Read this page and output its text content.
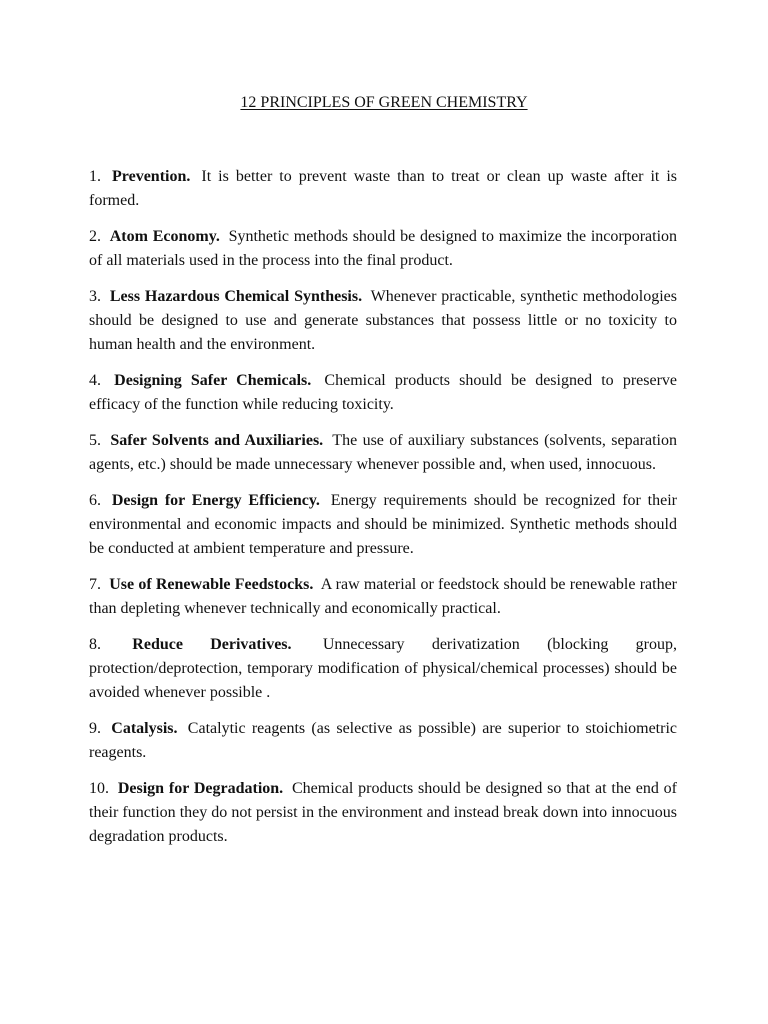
12 PRINCIPLES OF GREEN CHEMISTRY
1. Prevention. It is better to prevent waste than to treat or clean up waste after it is formed.
2. Atom Economy. Synthetic methods should be designed to maximize the incorporation of all materials used in the process into the final product.
3. Less Hazardous Chemical Synthesis. Whenever practicable, synthetic methodologies should be designed to use and generate substances that possess little or no toxicity to human health and the environment.
4. Designing Safer Chemicals. Chemical products should be designed to preserve efficacy of the function while reducing toxicity.
5. Safer Solvents and Auxiliaries. The use of auxiliary substances (solvents, separation agents, etc.) should be made unnecessary whenever possible and, when used, innocuous.
6. Design for Energy Efficiency. Energy requirements should be recognized for their environmental and economic impacts and should be minimized. Synthetic methods should be conducted at ambient temperature and pressure.
7. Use of Renewable Feedstocks. A raw material or feedstock should be renewable rather than depleting whenever technically and economically practical.
8. Reduce Derivatives. Unnecessary derivatization (blocking group, protection/deprotection, temporary modification of physical/chemical processes) should be avoided whenever possible .
9. Catalysis. Catalytic reagents (as selective as possible) are superior to stoichiometric reagents.
10. Design for Degradation. Chemical products should be designed so that at the end of their function they do not persist in the environment and instead break down into innocuous degradation products.
